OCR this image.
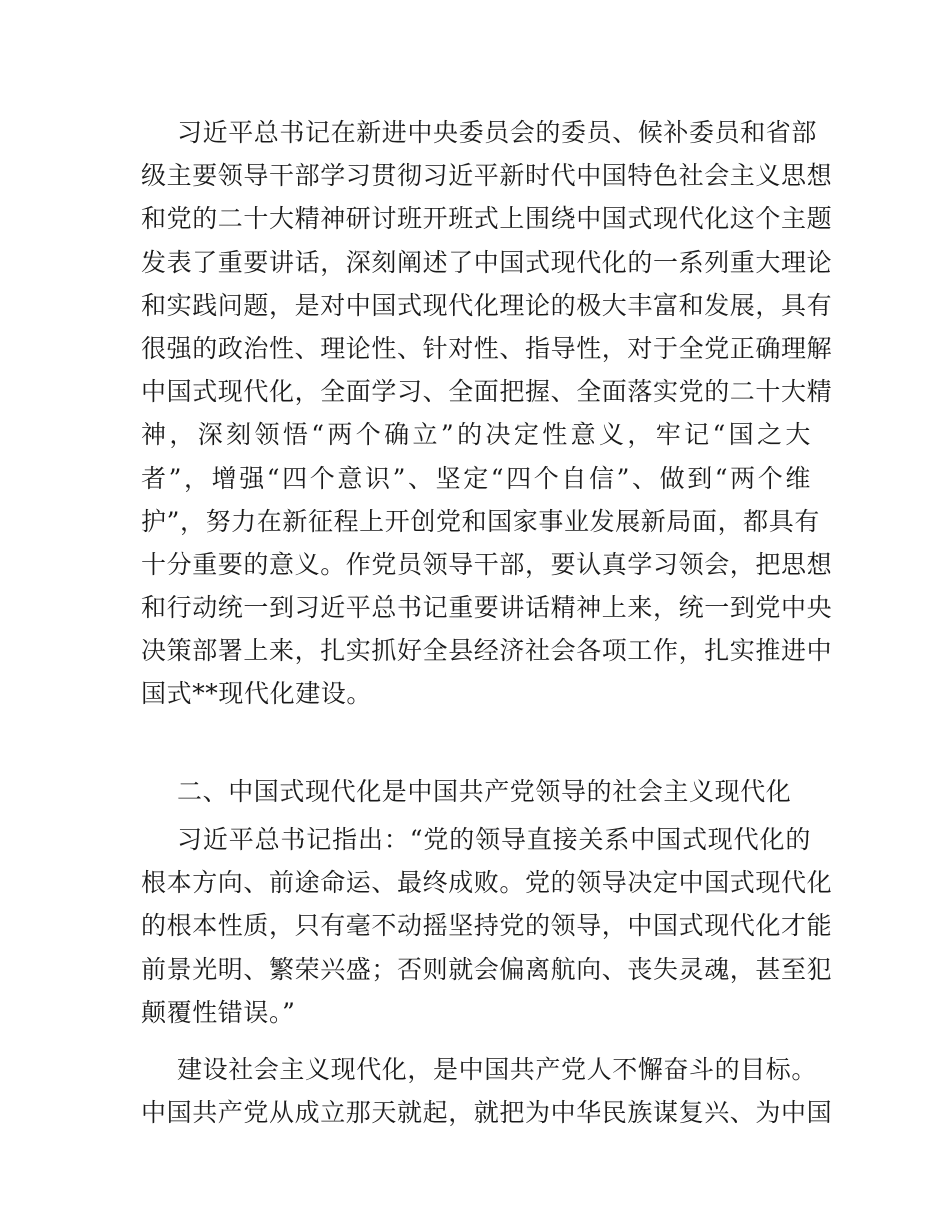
习近平总书记在新进中央委员会的委员、候补委员和省部
级主要领导干部学习贯彻习近平新时代中国特色社会主义思想
和党的二十大精神研讨班开班式上围绕中国式现代化这个主题
发表了重要讲话，深刻阐述了中国式现代化的一系列重大理论
和实践问题，是对中国式现代化理论的极大丰富和发展，具有
很强的政治性、理论性、针对性、指导性，对于全党正确理解
中国式现代化，全面学习、全面把握、全面落实党的二十大精
神，深刻领悟“两个确立”的决定性意义，牢记“国之大
者”，增强“四个意识”、坚定“四个自信”、做到“两个维
护”，努力在新征程上开创党和国家事业发展新局面，都具有
十分重要的意义。作党员领导干部，要认真学习领会，把思想
和行动统一到习近平总书记重要讲话精神上来，统一到党中央
决策部署上来，扎实抓好全县经济社会各项工作，扎实推进中
国式**现代化建设。
二、中国式现代化是中国共产党领导的社会主义现代化
习近平总书记指出：“党的领导直接关系中国式现代化的
根本方向、前途命运、最终成败。党的领导决定中国式现代化
的根本性质，只有毫不动摇坚持党的领导，中国式现代化才能
前景光明、繁荣兴盛；否则就会偏离航向、丧失灵魂，甚至犯
颠覆性错误。”
建设社会主义现代化，是中国共产党人不懈奋斗的目标。
中国共产党从成立那天就起，就把为中华民族谋复兴、为中国
